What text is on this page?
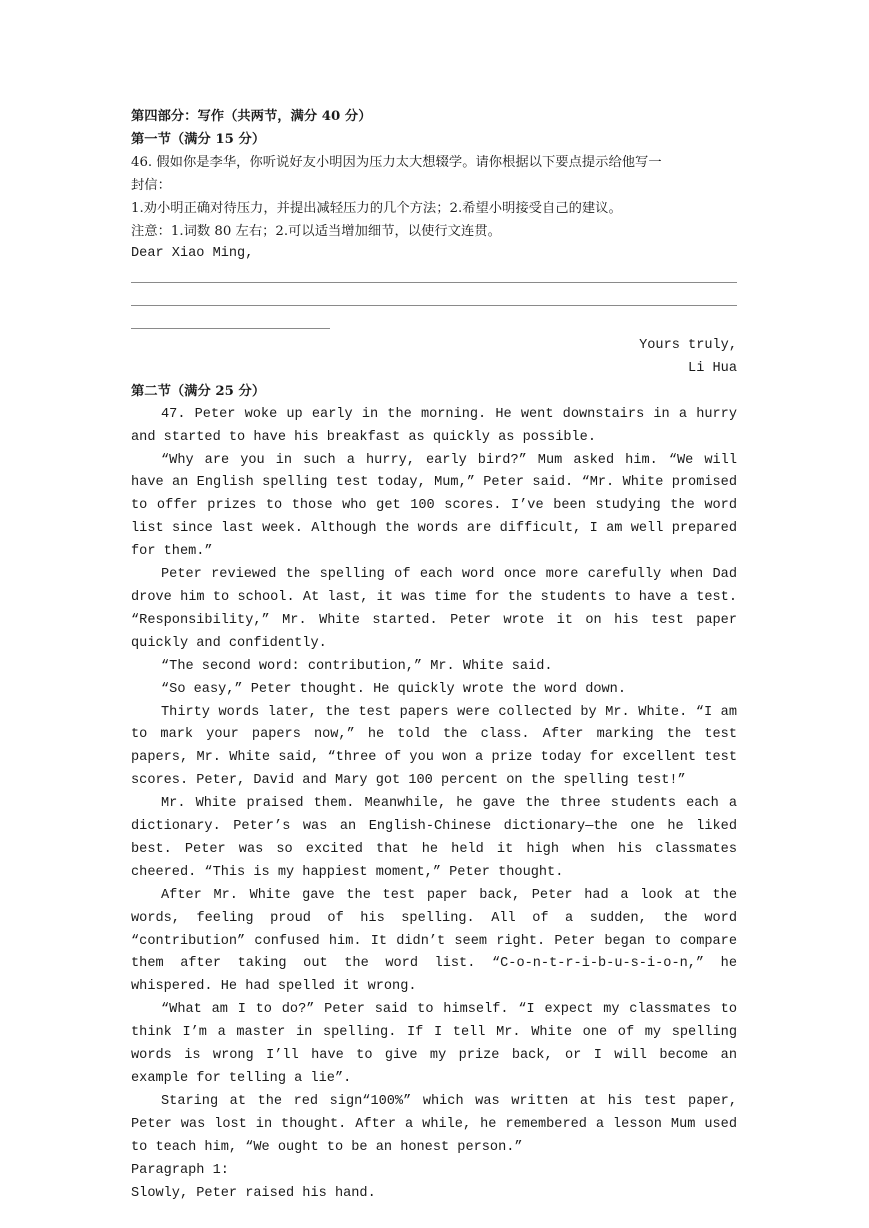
第四部分：写作（共两节，满分 40 分）
第一节（满分 15 分）
46. 假如你是李华，你听说好友小明因为压力太大想辍学。请你根据以下要点提示给他写一
封信：
1.劝小明正确对待压力，并提出减轻压力的几个方法；2.希望小明接受自己的建议。
注意：1.词数 80 左右；2.可以适当增加细节，以使行文连贯。
Dear Xiao Ming,
Yours truly,
Li Hua
第二节（满分 25 分）
47. Peter woke up early in the morning. He went downstairs in a hurry and started to have his breakfast as quickly as possible.
“Why are you in such a hurry, early bird?” Mum asked him. “We will have an English spelling test today, Mum,” Peter said. “Mr. White promised to offer prizes to those who get 100 scores. I’ve been studying the word list since last week. Although the words are difficult, I am well prepared for them.”
Peter reviewed the spelling of each word once more carefully when Dad drove him to school. At last, it was time for the students to have a test. “Responsibility,” Mr. White started. Peter wrote it on his test paper quickly and confidently.
“The second word: contribution,” Mr. White said.
“So easy,” Peter thought. He quickly wrote the word down.
Thirty words later, the test papers were collected by Mr. White. “I am to mark your papers now,” he told the class. After marking the test papers, Mr. White said, “three of you won a prize today for excellent test scores. Peter, David and Mary got 100 percent on the spelling test!”
Mr. White praised them. Meanwhile, he gave the three students each a dictionary. Peter’s was an English-Chinese dictionary—the one he liked best. Peter was so excited that he held it high when his classmates cheered. “This is my happiest moment,” Peter thought.
After Mr. White gave the test paper back, Peter had a look at the words, feeling proud of his spelling. All of a sudden, the word “contribution” confused him. It didn’t seem right. Peter began to compare them after taking out the word list. “C-o-n-t-r-i-b-u-s-i-o-n,” he whispered. He had spelled it wrong.
“What am I to do?” Peter said to himself. “I expect my classmates to think I’m a master in spelling. If I tell Mr. White one of my spelling words is wrong I’ll have to give my prize back, or I will become an example for telling a lie”.
Staring at the red sign“100%” which was written at his test paper, Peter was lost in thought. After a while, he remembered a lesson Mum used to teach him, “We ought to be an honest person.”
Paragraph 1:
Slowly, Peter raised his hand.
